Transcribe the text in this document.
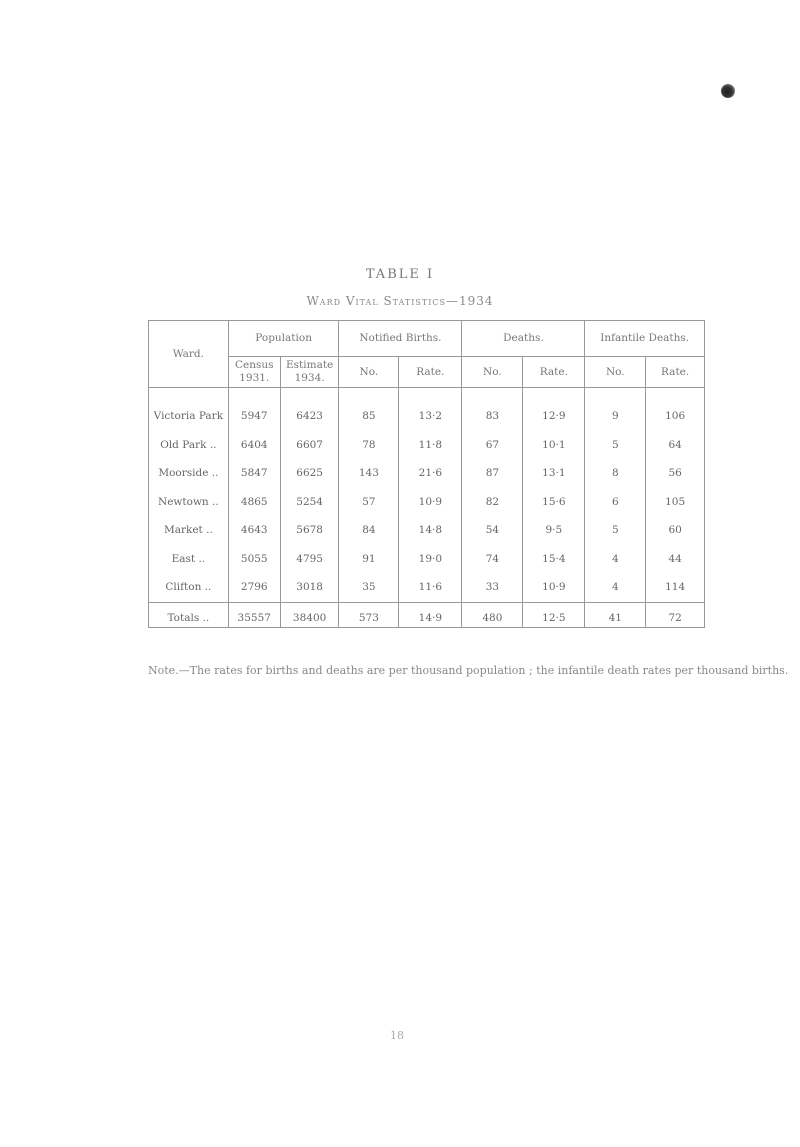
TABLE I
Ward Vital Statistics—1934
Ward.	Population		Notified Births.		Deaths.		Infantile Deaths.	
	Census 1931.	Estimate 1934.	No.	Rate.	No.	Rate.	No.	Rate.
Victoria Park	5947	6423	85	13·2	83	12·9	9	106
Old Park ..	6404	6607	78	11·8	67	10·1	5	64
Moorside ..	5847	6625	143	21·6	87	13·1	8	56
Newtown ..	4865	5254	57	10·9	82	15·6	6	105
Market ..	4643	5678	84	14·8	54	9·5	5	60
East ..	5055	4795	91	19·0	74	15·4	4	44
Clifton ..	2796	3018	35	11·6	33	10·9	4	114
Totals ..	35557	38400	573	14·9	480	12·5	41	72
Note.—The rates for births and deaths are per thousand population ; the infantile death rates per thousand births.
18
